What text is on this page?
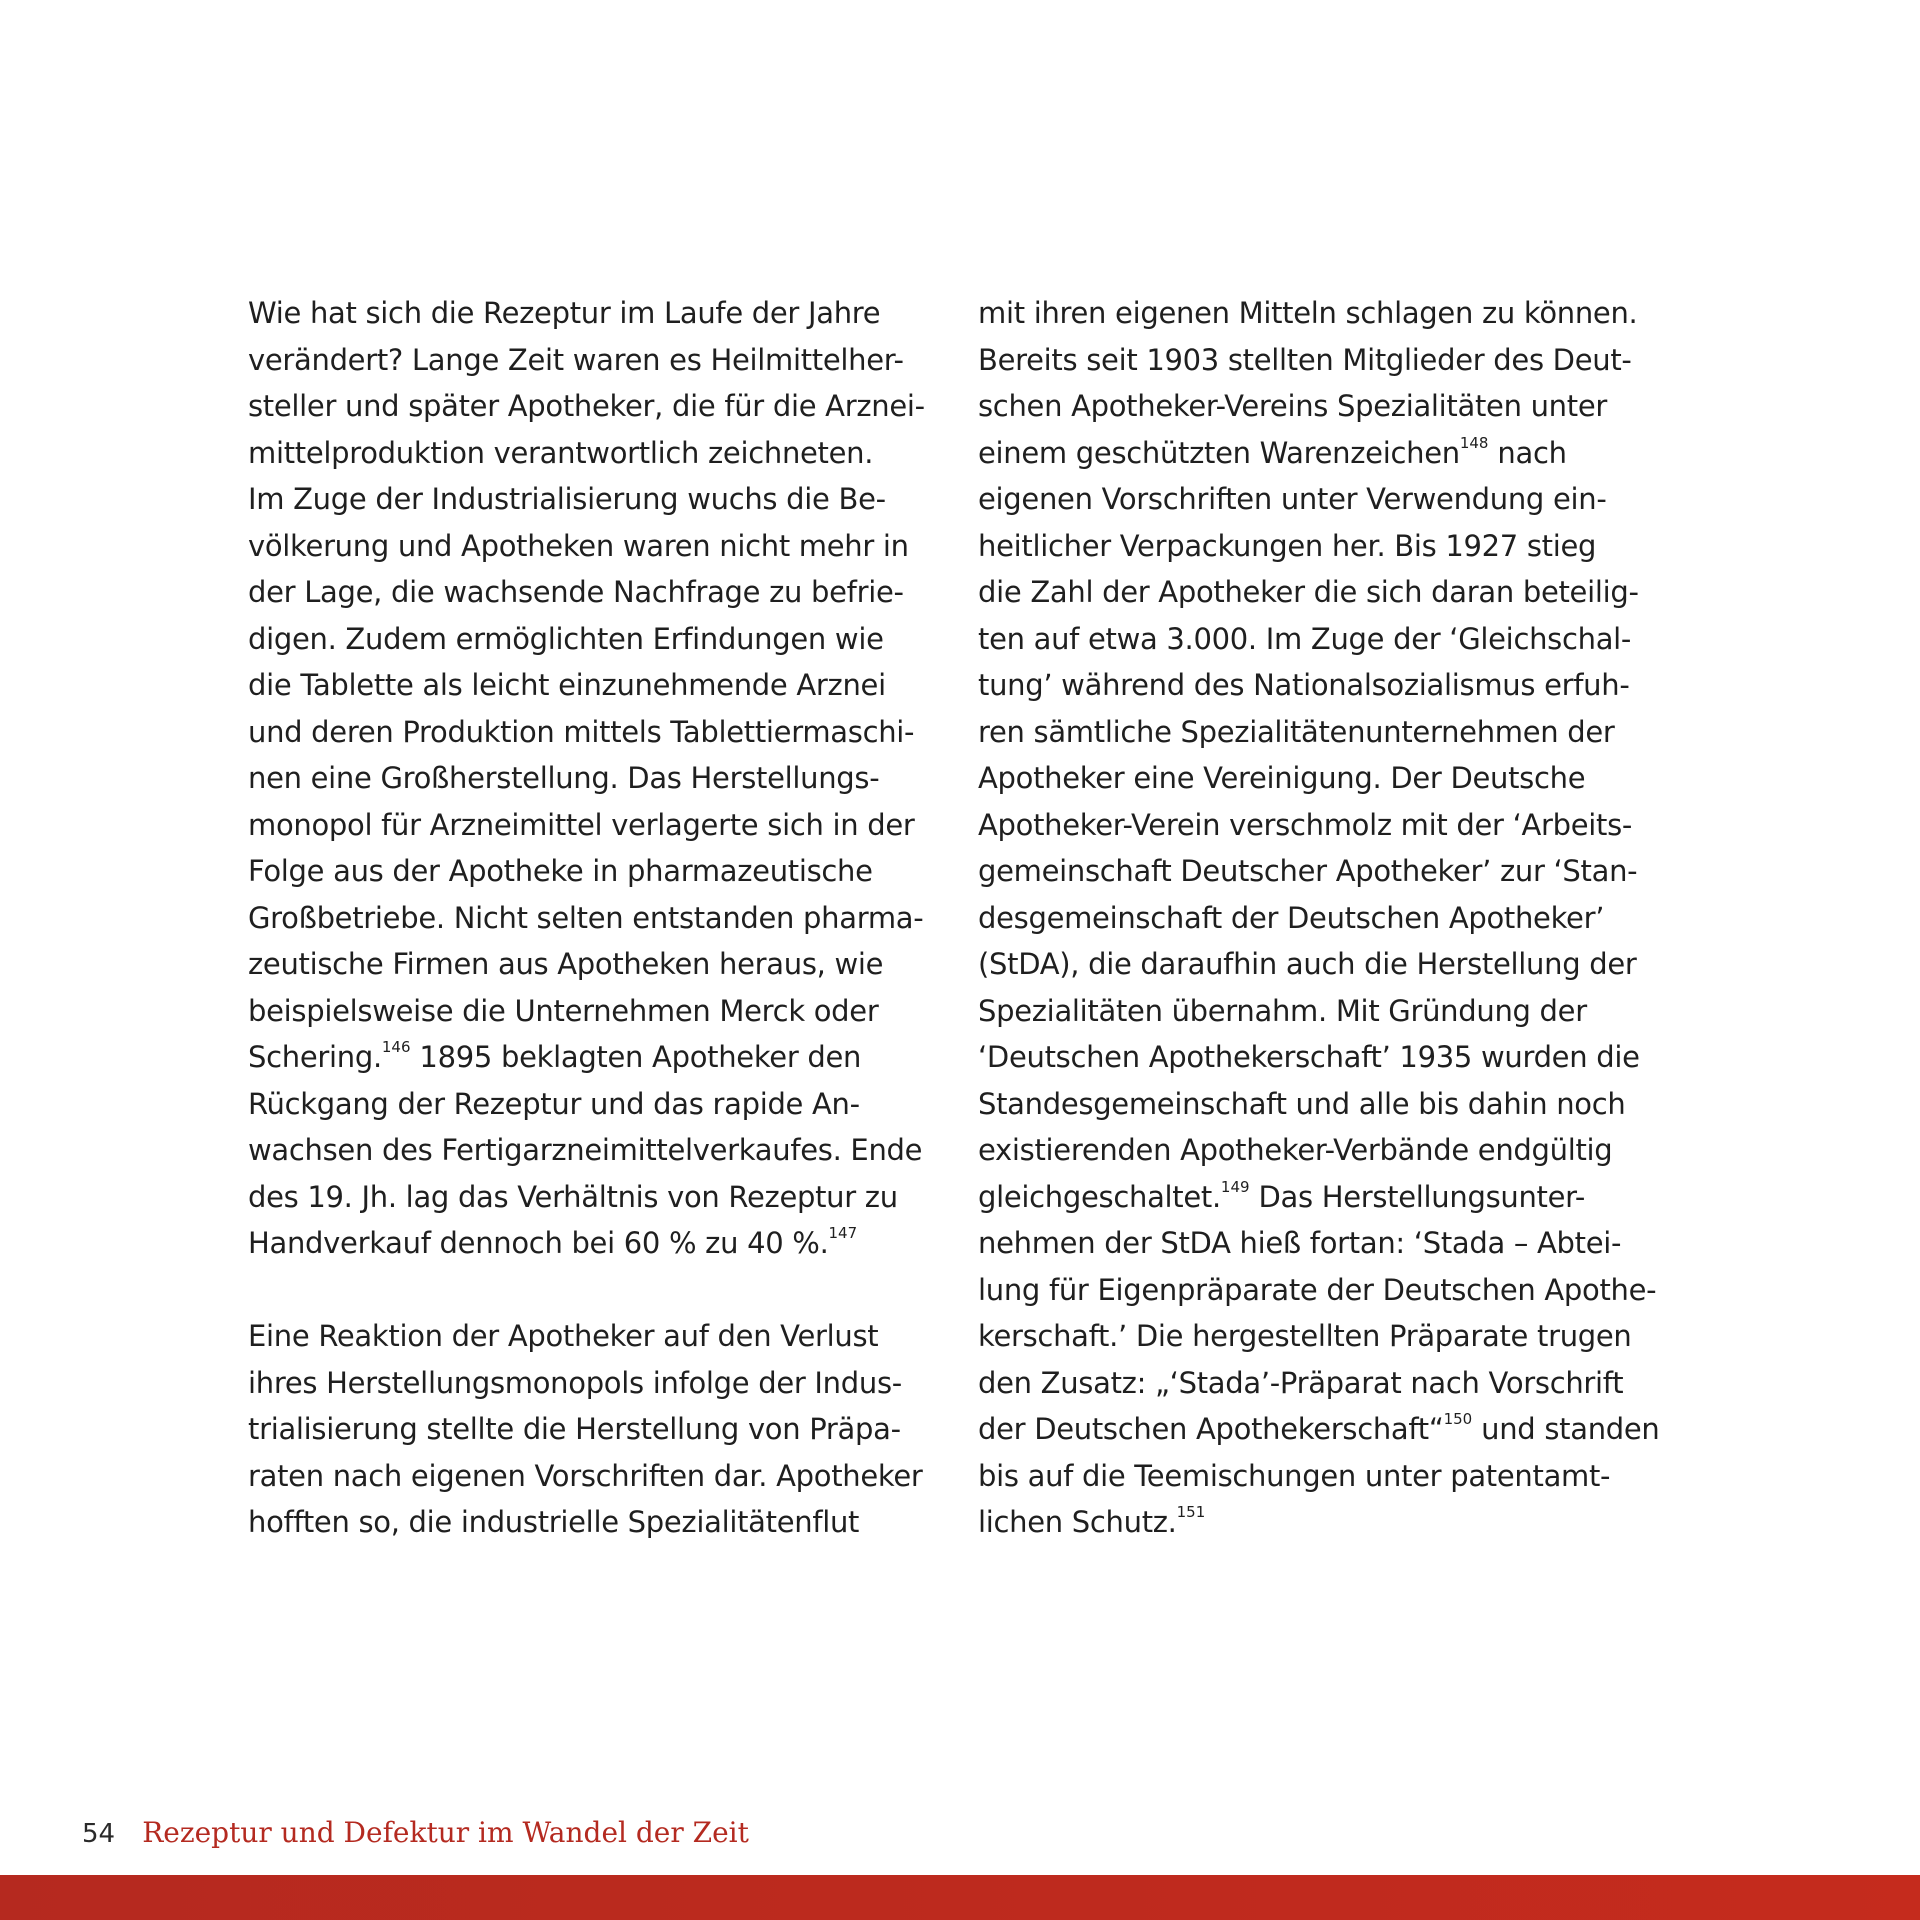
Wie hat sich die Rezeptur im Laufe der Jahre
verändert? Lange Zeit waren es Heilmittelher-
steller und später Apotheker, die für die Arznei-
mittelproduktion verantwortlich zeichneten.
Im Zuge der Industrialisierung wuchs die Be-
völkerung und Apotheken waren nicht mehr in
der Lage, die wachsende Nachfrage zu befrie-
digen. Zudem ermöglichten Erfindungen wie
die Tablette als leicht einzunehmende Arznei
und deren Produktion mittels Tablettiermaschi-
nen eine Großherstellung. Das Herstellungs-
monopol für Arzneimittel verlagerte sich in der
Folge aus der Apotheke in pharmazeutische
Großbetriebe. Nicht selten entstanden pharma-
zeutische Firmen aus Apotheken heraus, wie
beispielsweise die Unternehmen Merck oder
Schering.$^{146}$ 1895 beklagten Apotheker den
Rückgang der Rezeptur und das rapide An-
wachsen des Fertigarzneimittelverkaufes. Ende
des 19. Jh. lag das Verhältnis von Rezeptur zu
Handverkauf dennoch bei 60 % zu 40 %.$^{147}$
Eine Reaktion der Apotheker auf den Verlust
ihres Herstellungsmonopols infolge der Indus-
trialisierung stellte die Herstellung von Präpa-
raten nach eigenen Vorschriften dar. Apotheker
hofften so, die industrielle Spezialitätenflut
mit ihren eigenen Mitteln schlagen zu können.
Bereits seit 1903 stellten Mitglieder des Deut-
schen Apotheker-Vereins Spezialitäten unter
einem geschützten Warenzeichen$^{148}$ nach
eigenen Vorschriften unter Verwendung ein-
heitlicher Verpackungen her. Bis 1927 stieg
die Zahl der Apotheker die sich daran beteilig-
ten auf etwa 3.000. Im Zuge der ‘Gleichschal-
tung’ während des Nationalsozialismus erfuh-
ren sämtliche Spezialitätenunternehmen der
Apotheker eine Vereinigung. Der Deutsche
Apotheker-Verein verschmolz mit der ‘Arbeits-
gemeinschaft Deutscher Apotheker’ zur ‘Stan-
desgemeinschaft der Deutschen Apotheker’
(StDA), die daraufhin auch die Herstellung der
Spezialitäten übernahm. Mit Gründung der
‘Deutschen Apothekerschaft’ 1935 wurden die
Standesgemeinschaft und alle bis dahin noch
existierenden Apotheker-Verbände endgültig
gleichgeschaltet.$^{149}$ Das Herstellungsunter-
nehmen der StDA hieß fortan: ‘Stada – Abtei-
lung für Eigenpräparate der Deutschen Apothe-
kerschaft.’ Die hergestellten Präparate trugen
den Zusatz: „‘Stada’-Präparat nach Vorschrift
der Deutschen Apothekerschaft“$^{150}$ und standen
bis auf die Teemischungen unter patentamt-
lichen Schutz.$^{151}$
54 Rezeptur und Defektur im Wandel der Zeit
